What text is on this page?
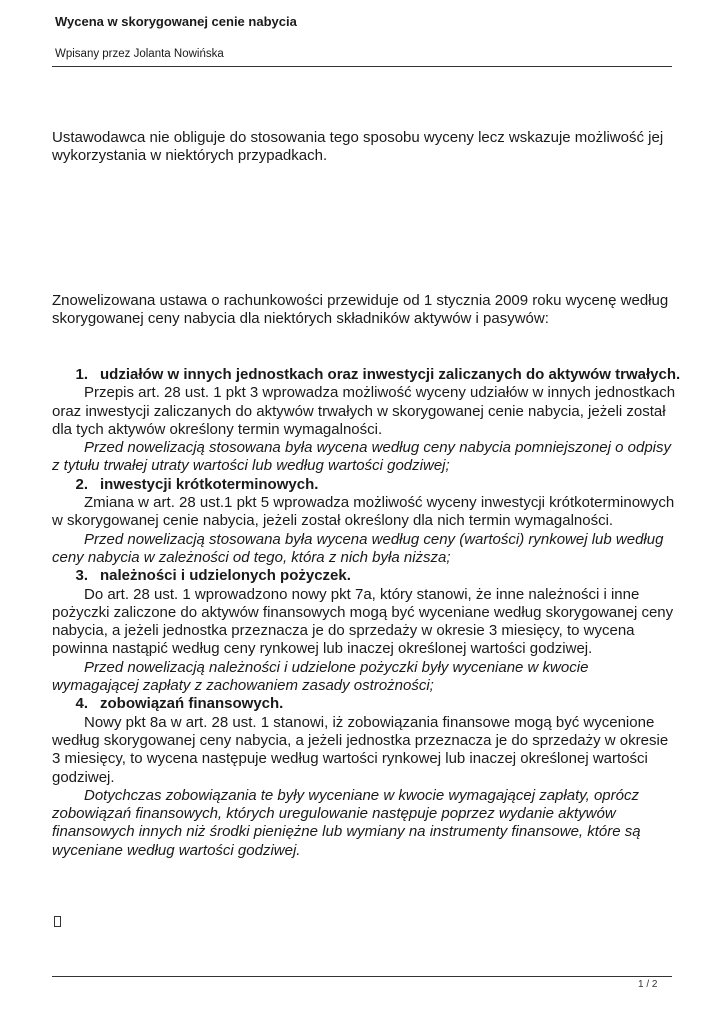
Wycena w skorygowanej cenie nabycia
Wpisany przez Jolanta Nowińska
Ustawodawca nie obliguje do stosowania tego sposobu wyceny lecz wskazuje możliwość jej wykorzystania w niektórych przypadkach.
Znowelizowana ustawa o rachunkowości przewiduje od 1 stycznia 2009 roku wycenę według skorygowanej ceny nabycia dla niektórych składników aktywów i pasywów:
1. udziałów w innych jednostkach oraz inwestycji zaliczanych do aktywów trwałych.

Przepis art. 28 ust. 1 pkt 3 wprowadza możliwość wyceny udziałów w innych jednostkach oraz inwestycji zaliczanych do aktywów trwałych w skorygowanej cenie nabycia, jeżeli został dla tych aktywów określony termin wymagalności.

Przed nowelizacją stosowana była wycena według ceny nabycia pomniejszonej o odpisy z tytułu trwałej utraty wartości lub według wartości godziwej;

2. inwestycji krótkoterminowych.

Zmiana w art. 28 ust.1 pkt 5 wprowadza możliwość wyceny inwestycji krótkoterminowych w skorygowanej cenie nabycia, jeżeli został określony dla nich termin wymagalności.

Przed nowelizacją stosowana była wycena według ceny (wartości) rynkowej lub według ceny nabycia w zależności od tego, która z nich była niższa;

3. należności i udzielonych pożyczek.

Do art. 28 ust. 1 wprowadzono nowy pkt 7a, który stanowi, że inne należności i inne pożyczki zaliczone do aktywów finansowych mogą być wyceniane według skorygowanej ceny nabycia, a jeżeli jednostka przeznacza je do sprzedaży w okresie 3 miesięcy, to wycena powinna nastąpić według ceny rynkowej lub inaczej określonej wartości godziwej.

Przed nowelizacją należności i udzielone pożyczki były wyceniane w kwocie wymagającej zapłaty z zachowaniem zasady ostrożności;

4. zobowiązań finansowych.

Nowy pkt 8a w art. 28 ust. 1 stanowi, iż zobowiązania finansowe mogą być wycenione według skorygowanej ceny nabycia, a jeżeli jednostka przeznacza je do sprzedaży w okresie 3 miesięcy, to wycena następuje według wartości rynkowej lub inaczej określonej wartości godziwej.

Dotychczas zobowiązania te były wyceniane w kwocie wymagającej zapłaty, oprócz zobowiązań finansowych, których uregulowanie następuje poprzez wydanie aktywów finansowych innych niż środki pieniężne lub wymiany na instrumenty finansowe, które są wyceniane według wartości godziwej.

1 / 2
